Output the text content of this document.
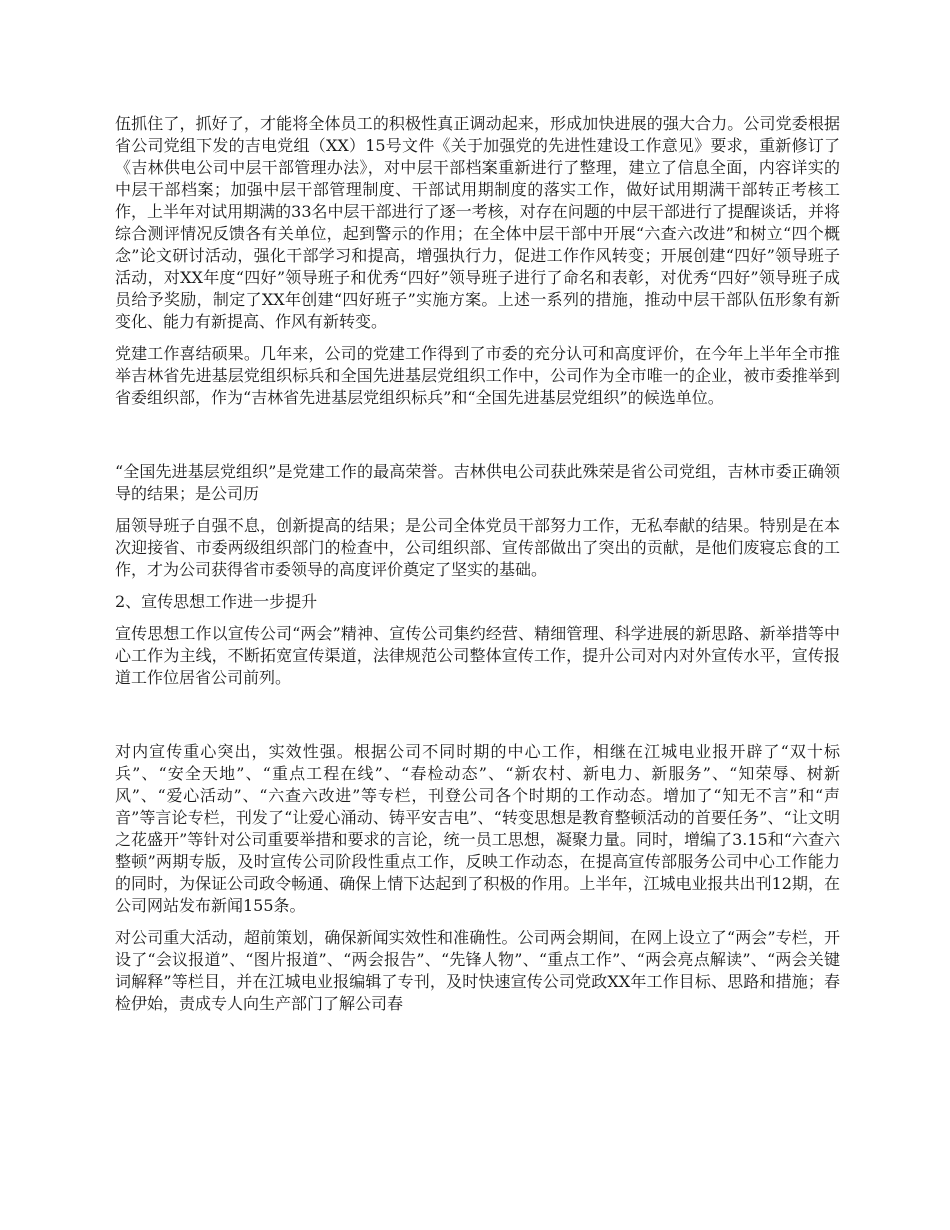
伍抓住了，抓好了，才能将全体员工的积极性真正调动起来，形成加快进展的强大合力。公司党委根据省公司党组下发的吉电党组（XX）15号文件《关于加强党的先进性建设工作意见》要求，重新修订了《吉林供电公司中层干部管理办法》，对中层干部档案重新进行了整理，建立了信息全面，内容详实的中层干部档案；加强中层干部管理制度、干部试用期制度的落实工作，做好试用期满干部转正考核工作，上半年对试用期满的33名中层干部进行了逐一考核，对存在问题的中层干部进行了提醒谈话，并将综合测评情况反馈各有关单位，起到警示的作用；在全体中层干部中开展“六查六改进”和树立“四个概念”论文研讨活动，强化干部学习和提高，增强执行力，促进工作作风转变；开展创建“四好”领导班子活动，对XX年度“四好”领导班子和优秀“四好”领导班子进行了命名和表彰，对优秀“四好”领导班子成员给予奖励，制定了XX年创建“四好班子”实施方案。上述一系列的措施，推动中层干部队伍形象有新变化、能力有新提高、作风有新转变。

党建工作喜结硕果。几年来，公司的党建工作得到了市委的充分认可和高度评价，在今年上半年全市推举吉林省先进基层党组织标兵和全国先进基层党组织工作中，公司作为全市唯一的企业，被市委推举到省委组织部，作为“吉林省先进基层党组织标兵”和“全国先进基层党组织”的候选单位。

“全国先进基层党组织”是党建工作的最高荣誉。吉林供电公司获此殊荣是省公司党组，吉林市委正确领导的结果；是公司历

届领导班子自强不息，创新提高的结果；是公司全体党员干部努力工作，无私奉献的结果。特别是在本次迎接省、市委两级组织部门的检查中，公司组织部、宣传部做出了突出的贡献，是他们废寝忘食的工作，才为公司获得省市委领导的高度评价奠定了坚实的基础。

2、宣传思想工作进一步提升

宣传思想工作以宣传公司“两会”精神、宣传公司集约经营、精细管理、科学进展的新思路、新举措等中心工作为主线，不断拓宽宣传渠道，法律规范公司整体宣传工作，提升公司对内对外宣传水平，宣传报道工作位居省公司前列。

对内宣传重心突出，实效性强。根据公司不同时期的中心工作，相继在江城电业报开辟了“双十标兵”、“安全天地”、“重点工程在线”、“春检动态”、“新农村、新电力、新服务”、“知荣辱、树新风”、“爱心活动”、“六查六改进”等专栏，刊登公司各个时期的工作动态。增加了“知无不言”和“声音”等言论专栏，刊发了“让爱心涌动、铸平安吉电”、“转变思想是教育整顿活动的首要任务”、“让文明之花盛开”等针对公司重要举措和要求的言论，统一员工思想，凝聚力量。同时，增编了3.15和“六查六整顿”两期专版，及时宣传公司阶段性重点工作，反映工作动态，在提高宣传部服务公司中心工作能力的同时，为保证公司政令畅通、确保上情下达起到了积极的作用。上半年，江城电业报共出刊12期，在公司网站发布新闻155条。

对公司重大活动，超前策划，确保新闻实效性和准确性。公司两会期间，在网上设立了“两会”专栏，开设了“会议报道”、“图片报道”、“两会报告”、“先锋人物”、“重点工作”、“两会亮点解读”、“两会关键词解释”等栏目，并在江城电业报编辑了专刊，及时快速宣传公司党政XX年工作目标、思路和措施；春检伊始，责成专人向生产部门了解公司春
